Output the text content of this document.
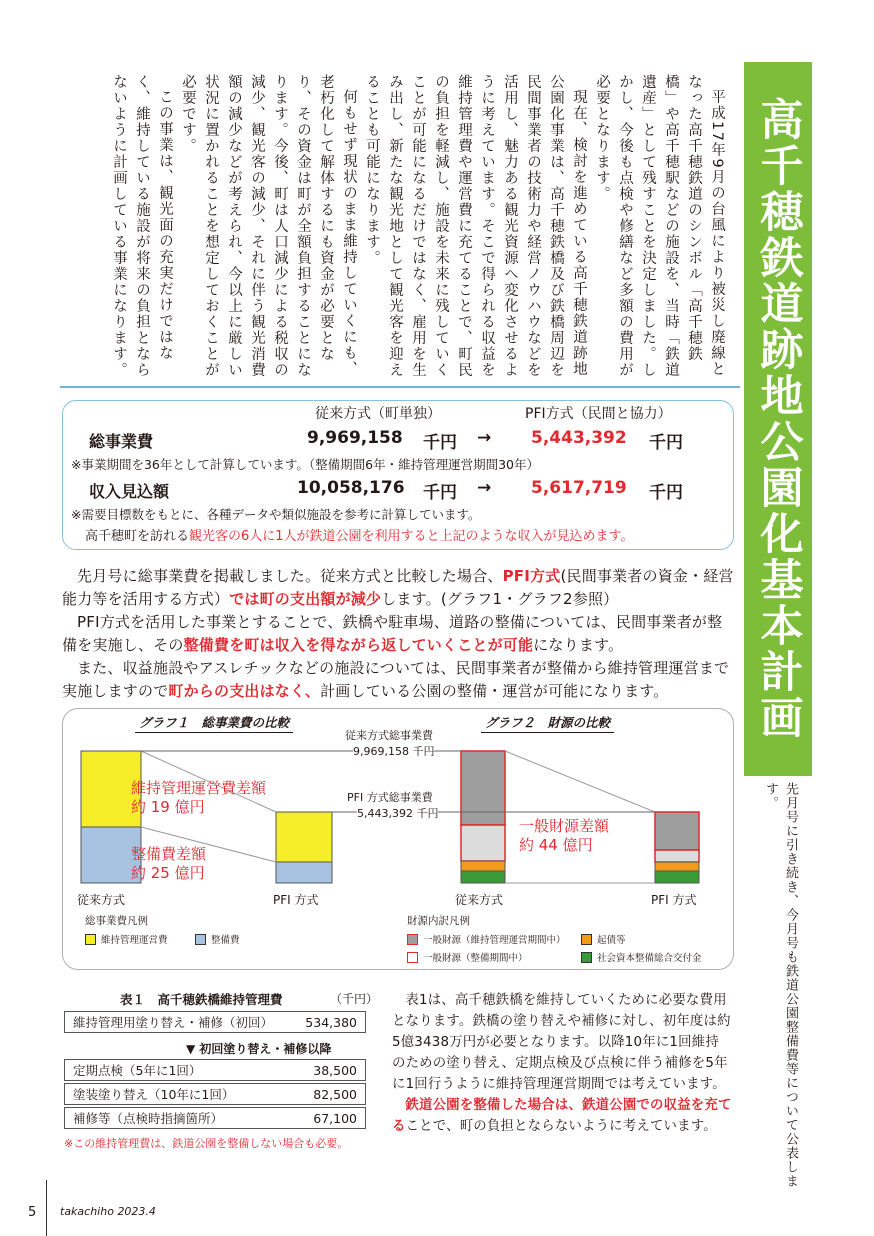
高千穂鉄道跡地公園化基本計画
先月号に引き続き、今月号も鉄道公園整備費等について公表します。

平成17年9月の台風により被災し廃線となった高千穂鉄道のシンボル「高千穂鉄橋」や高千穂駅などの施設を、当時「鉄道遺産」として残すことを決定しました。しかし、今後も点検や修繕など多額の費用が必要となります。

現在、検討を進めている高千穂鉄道跡地公園化事業は、高千穂鉄橋及び鉄橋周辺を民間事業者の技術力や経営ノウハウなどを活用し、魅力ある観光資源へ変化させるように考えています。そこで得られる収益を維持管理費や運営費に充てることで、町民の負担を軽減し、施設を未来に残していくことが可能になるだけではなく、雇用を生み出し、新たな観光地として観光客を迎えることも可能になります。

何もせず現状のまま維持していくにも、老朽化して解体するにも資金が必要となり、その資金は町が全額負担することになります。今後、町は人口減少による税収の減少、観光客の減少、それに伴う観光消費額の減少などが考えられ、今以上に厳しい状況に置かれることを想定しておくことが必要です。

この事業は、観光面の充実だけではなく、維持している施設が将来の負担とならないように計画している事業になります。

従来方式（町単独）	PFI方式（民間と協力）
総事業費	9,969,158 千円 → 5,443,392 千円
※事業期間を36年として計算しています。（整備期間6年・維持管理運営期間30年）
収入見込額	10,058,176 千円 → 5,617,719 千円
※需要目標数をもとに、各種データや類似施設を参考に計算しています。
高千穂町を訪れる観光客の6人に1人が鉄道公園を利用すると上記のような収入が見込めます。
先月号に総事業費を掲載しました。従来方式と比較した場合、PFI方式(民間事業者の資金・経営能力等を活用する方式）では町の支出額が減少します。(グラフ1・グラフ2参照）
PFI方式を活用した事業とすることで、鉄橋や駐車場、道路の整備については、民間事業者が整備を実施し、その整備費を町は収入を得ながら返していくことが可能になります。
また、収益施設やアスレチックなどの施設については、民間事業者が整備から維持管理運営まで実施しますので町からの支出はなく、計画している公園の整備・運営が可能になります。
グラフ１　総事業費の比較	グラフ２　財源の比較
従来方式総事業費
9,969,158 千円
PFI 方式総事業費
5,443,392 千円
維持管理運営費差額
約 19 億円
整備費差額
約 25 億円
一般財源差額
約 44 億円
従来方式	PFI 方式	従来方式	PFI 方式
総事業費凡例
維持管理運営費	整備費
財源内訳凡例
一般財源（維持管理運営期間中）	起債等
一般財源（整備期間中）	社会資本整備総合交付金
表１　高千穂鉄橋維持管理費	（千円）
維持管理用塗り替え・補修（初回）	534,380
▼ 初回塗り替え・補修以降
定期点検（5年に1回）	38,500
塗装塗り替え（10年に1回）	82,500
補修等（点検時指摘箇所）	67,100
※この維持管理費は、鉄道公園を整備しない場合も必要。

表1は、高千穂鉄橋を維持していくために必要な費用となります。鉄橋の塗り替えや補修に対し、初年度は約5億3438万円が必要となります。以降10年に1回維持のための塗り替え、定期点検及び点検に伴う補修を5年に1回行うように維持管理運営期間では考えています。

鉄道公園を整備した場合は、鉄道公園での収益を充てることで、町の負担とならないように考えています。

5 takachiho 2023.4
